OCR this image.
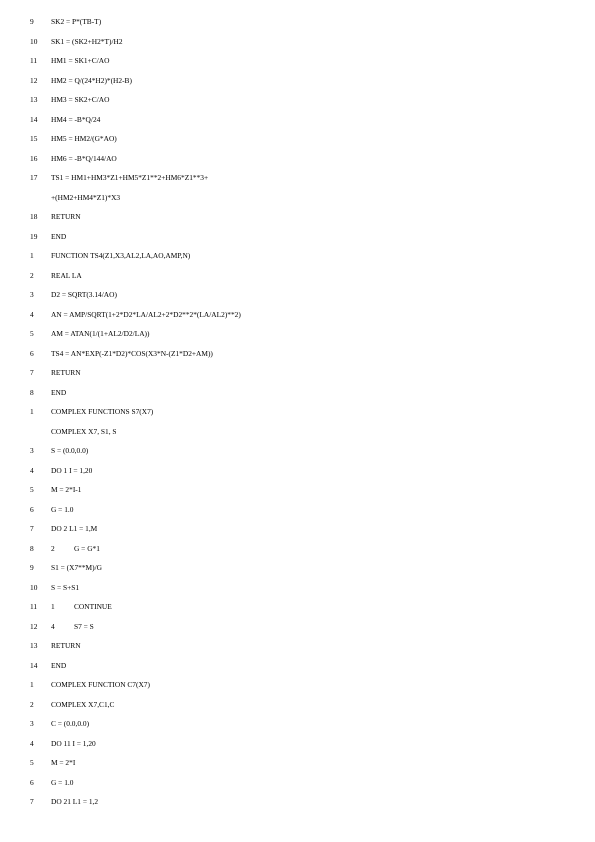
9 SK2 = P*(TB-T)
10 SK1 = (SK2+H2*T)/H2
11 HM1 = SK1+C/AO
12 HM2 = Q/(24*H2)*(H2-B)
13 HM3 = SK2+C/AO
14 HM4 = -B*Q/24
15 HM5 = HM2/(G*AO)
16 HM6 = -B*Q/144/AO
17 TS1 = HM1+HM3*Z1+HM5*Z1**2+HM6*Z1**3+
+(HM2+HM4*Z1)*X3
18 RETURN
19 END
1 FUNCTION TS4(Z1,X3,AL2,LA,AO,AMP,N)
2 REAL LA
3 D2 = SQRT(3.14/AO)
4 AN = AMP/SQRT(1+2*D2*LA/AL2+2*D2**2*(LA/AL2)**2)
5 AM = ATAN(1/(1+AL2/D2/LA))
6 TS4 = AN*EXP(-Z1*D2)*COS(X3*N-(Z1*D2+AM))
7 RETURN
8 END
1 COMPLEX FUNCTIONS S7(X7)
COMPLEX X7, S1, S
3 S = (0.0,0.0)
4 DO 1 I = 1,20
5 M = 2*I-1
6 G = 1.0
7 DO 2 L1 = 1,M
8 2	G = G*1
9 S1 = (X7**M)/G
10 S = S+S1
11 1	CONTINUE
12 4	S7 = S
13 RETURN
14 END
1 COMPLEX FUNCTION C7(X7)
2 COMPLEX X7,C1,C
3 C = (0.0,0.0)
4 DO 11 I = 1,20
5 M = 2*I
6 G = 1.0
7 DO 21 L1 = 1,2
